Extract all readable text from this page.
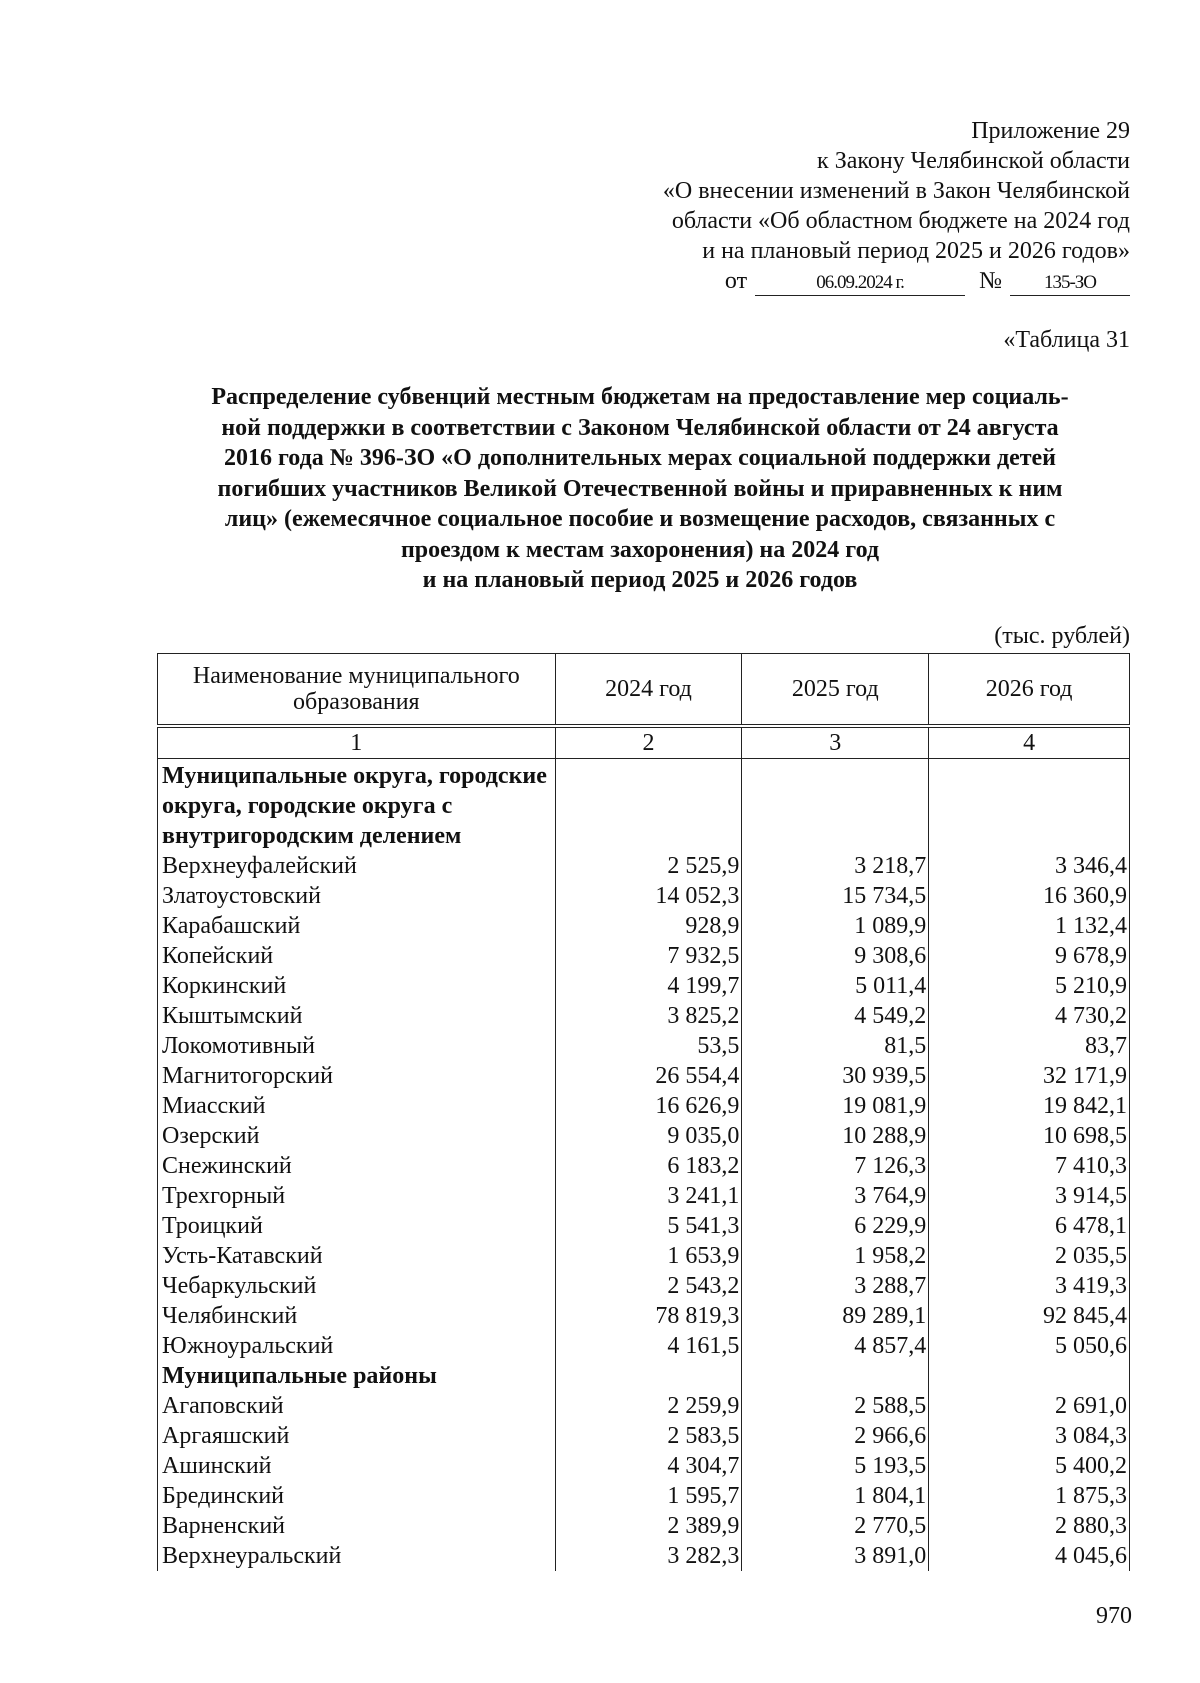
Приложение 29
к Закону Челябинской области
«О внесении изменений в Закон Челябинской
области «Об областном бюджете на 2024 год
и на плановый период 2025 и 2026 годов»
от	06.09.2024 г.	№	135-ЗО
«Таблица 31
Распределение субвенций местным бюджетам на предоставление мер социаль-
ной поддержки в соответствии с Законом Челябинской области от 24 августа
2016 года № 396-ЗО «О дополнительных мерах социальной поддержки детей
погибших участников Великой Отечественной войны и приравненных к ним
лиц» (ежемесячное социальное пособие и возмещение расходов, связанных с
проездом к местам захоронения) на 2024 год
и на плановый период 2025 и 2026 годов
(тыс. рублей)
Наименование муниципального образования	2024 год	2025 год	2026 год
1	2	3	4
Муниципальные округа, городские округа, городские округа с внутригородским делением			
Верхнеуфалейский	2 525,9	3 218,7	3 346,4
Златоустовский	14 052,3	15 734,5	16 360,9
Карабашский	928,9	1 089,9	1 132,4
Копейский	7 932,5	9 308,6	9 678,9
Коркинский	4 199,7	5 011,4	5 210,9
Кыштымский	3 825,2	4 549,2	4 730,2
Локомотивный	53,5	81,5	83,7
Магнитогорский	26 554,4	30 939,5	32 171,9
Миасский	16 626,9	19 081,9	19 842,1
Озерский	9 035,0	10 288,9	10 698,5
Снежинский	6 183,2	7 126,3	7 410,3
Трехгорный	3 241,1	3 764,9	3 914,5
Троицкий	5 541,3	6 229,9	6 478,1
Усть-Катавский	1 653,9	1 958,2	2 035,5
Чебаркульский	2 543,2	3 288,7	3 419,3
Челябинский	78 819,3	89 289,1	92 845,4
Южноуральский	4 161,5	4 857,4	5 050,6
Муниципальные районы			
Агаповский	2 259,9	2 588,5	2 691,0
Аргаяшский	2 583,5	2 966,6	3 084,3
Ашинский	4 304,7	5 193,5	5 400,2
Брединский	1 595,7	1 804,1	1 875,3
Варненский	2 389,9	2 770,5	2 880,3
Верхнеуральский	3 282,3	3 891,0	4 045,6
970
